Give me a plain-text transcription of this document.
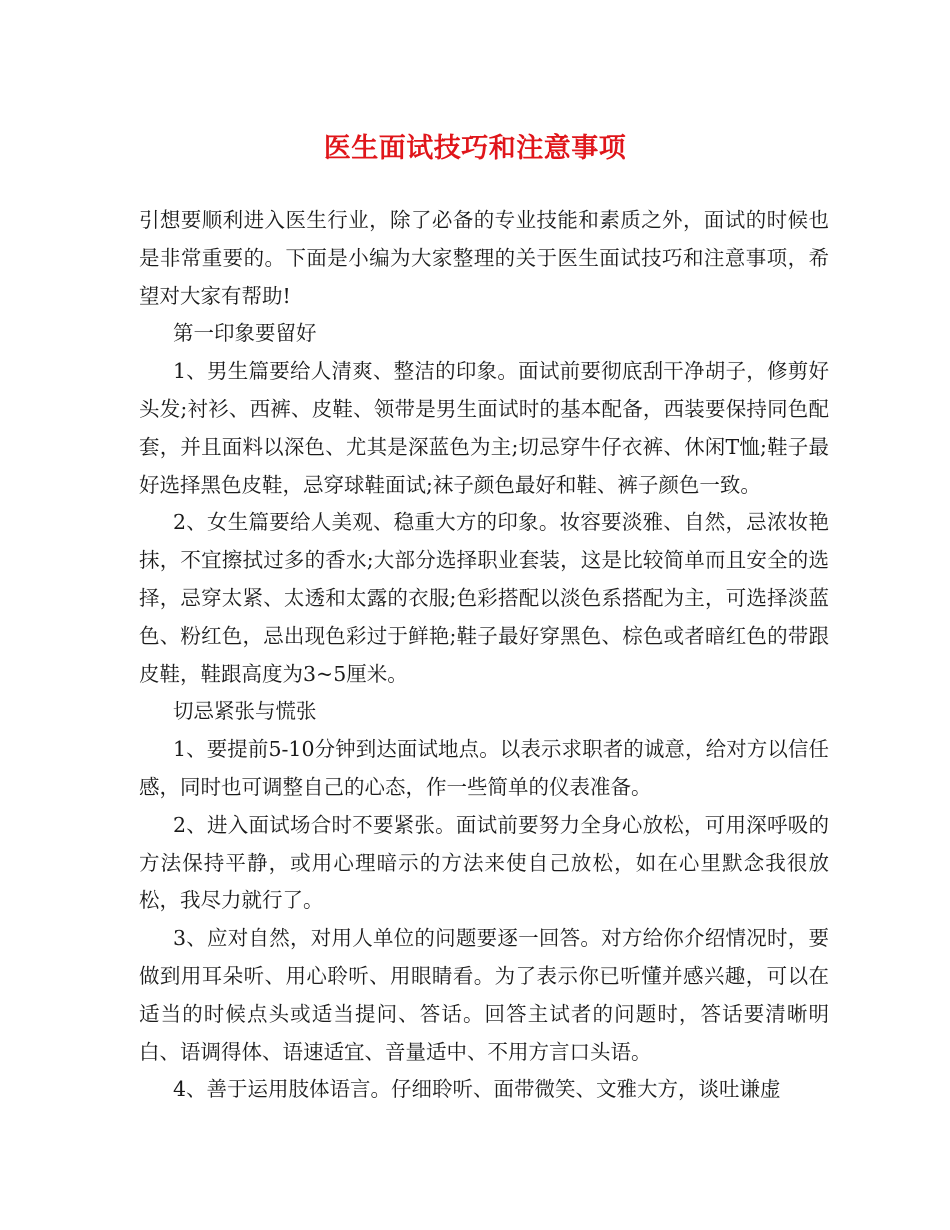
医生面试技巧和注意事项

引想要顺利进入医生行业，除了必备的专业技能和素质之外，面试的时候也是非常重要的。下面是小编为大家整理的关于医生面试技巧和注意事项，希望对大家有帮助!

第一印象要留好

1、男生篇要给人清爽、整洁的印象。面试前要彻底刮干净胡子，修剪好头发;衬衫、西裤、皮鞋、领带是男生面试时的基本配备，西装要保持同色配套，并且面料以深色、尤其是深蓝色为主;切忌穿牛仔衣裤、休闲T恤;鞋子最好选择黑色皮鞋，忌穿球鞋面试;袜子颜色最好和鞋、裤子颜色一致。

2、女生篇要给人美观、稳重大方的印象。妆容要淡雅、自然，忌浓妆艳抹，不宜擦拭过多的香水;大部分选择职业套装，这是比较简单而且安全的选择，忌穿太紧、太透和太露的衣服;色彩搭配以淡色系搭配为主，可选择淡蓝色、粉红色，忌出现色彩过于鲜艳;鞋子最好穿黑色、棕色或者暗红色的带跟皮鞋，鞋跟高度为3~5厘米。

切忌紧张与慌张

1、要提前5-10分钟到达面试地点。以表示求职者的诚意，给对方以信任感，同时也可调整自己的心态，作一些简单的仪表准备。

2、进入面试场合时不要紧张。面试前要努力全身心放松，可用深呼吸的方法保持平静，或用心理暗示的方法来使自己放松，如在心里默念我很放松，我尽力就行了。

3、应对自然，对用人单位的问题要逐一回答。对方给你介绍情况时，要做到用耳朵听、用心聆听、用眼睛看。为了表示你已听懂并感兴趣，可以在适当的时候点头或适当提问、答话。回答主试者的问题时，答话要清晰明白、语调得体、语速适宜、音量适中、不用方言口头语。

4、善于运用肢体语言。仔细聆听、面带微笑、文雅大方，谈吐谦虚
